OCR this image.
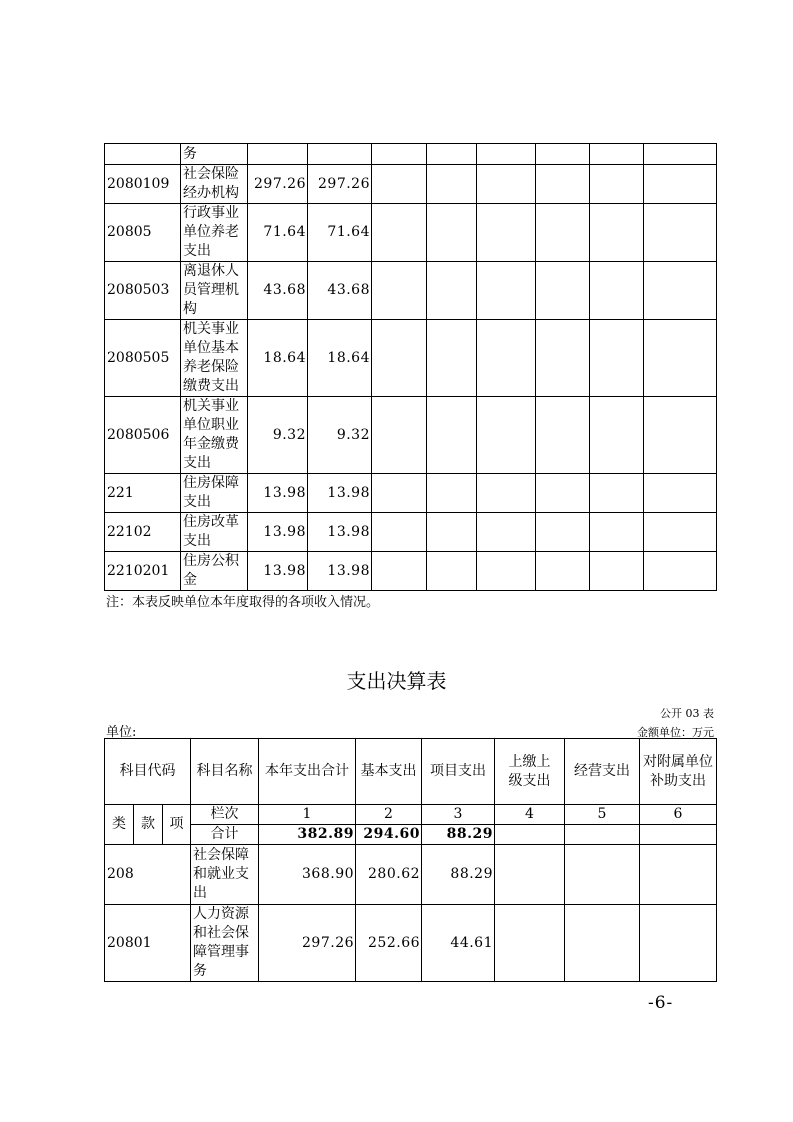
	务								
2080109	社会保险经办机构	297.26	297.26						
20805	行政事业单位养老支出	71.64	71.64						
2080503	离退休人员管理机构	43.68	43.68						
2080505	机关事业单位基本养老保险缴费支出	18.64	18.64						
2080506	机关事业单位职业年金缴费支出	9.32	9.32						
221	住房保障支出	13.98	13.98						
22102	住房改革支出	13.98	13.98						
2210201	住房公积金	13.98	13.98						
注：本表反映单位本年度取得的各项收入情况。
支出决算表
公开 03 表
单位:	金额单位：万元
科目代码			科目名称	本年支出合计	基本支出	项目支出	上缴上级支出	经营支出	对附属单位补助支出
类	款	项	栏次	1	2	3	4	5	6
			合计	382.89	294.60	88.29			
208			社会保障和就业支出	368.90	280.62	88.29			
20801			人力资源和社会保障管理事务	297.26	252.66	44.61			
-6-
